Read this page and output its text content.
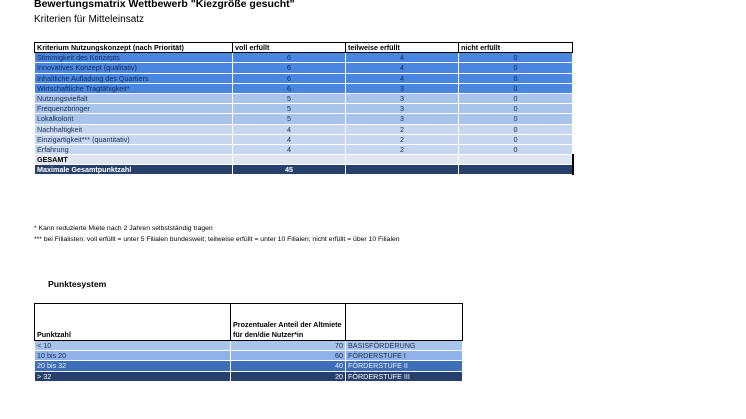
Bewertungsmatrix Wettbewerb "Kiezgröße gesucht"
Kriterien für Mitteleinsatz
Kriterium Nutzungskonzept (nach Priorität)	voll erfüllt	teilweise erfüllt	nicht erfüllt
Stimmigkeit des Konzepts	6	4	0
Innovatives Konzept (qualitativ)	6	4	0
Inhaltliche Aufladung des Quartiers	6	4	0
Wirtschaftliche Tragfähigkeit*	6	3	0
Nutzungsvielfalt	5	3	0
Frequenzbringer	5	3	0
Lokalkolorit	5	3	0
Nachhaltigkeit	4	2	0
Einzigartigkeit*** (quantitativ)	4	2	0
Erfahrung	4	2	0
GESAMT			
Maximale Gesamtpunktzahl	45		
* Kann reduzierte Miete nach 2 Jahren selbstständig tragen
*** bei Filialisten: voll erfüllt = unter 5 Filialen bundesweit; teilweise erfüllt = unter 10 Filialen; nicht erfüllt = über 10 Filialen
Punktesystem
Punktzahl	Prozentualer Anteil der Altmiete für den/die Nutzer*in	
< 10	70	BASISFÖRDERUNG
10 bis 20	60	FÖRDERSTUFE I
20 bis 32	40	FÖRDERSTUFE II
> 32	20	FÖRDERSTUFE III
